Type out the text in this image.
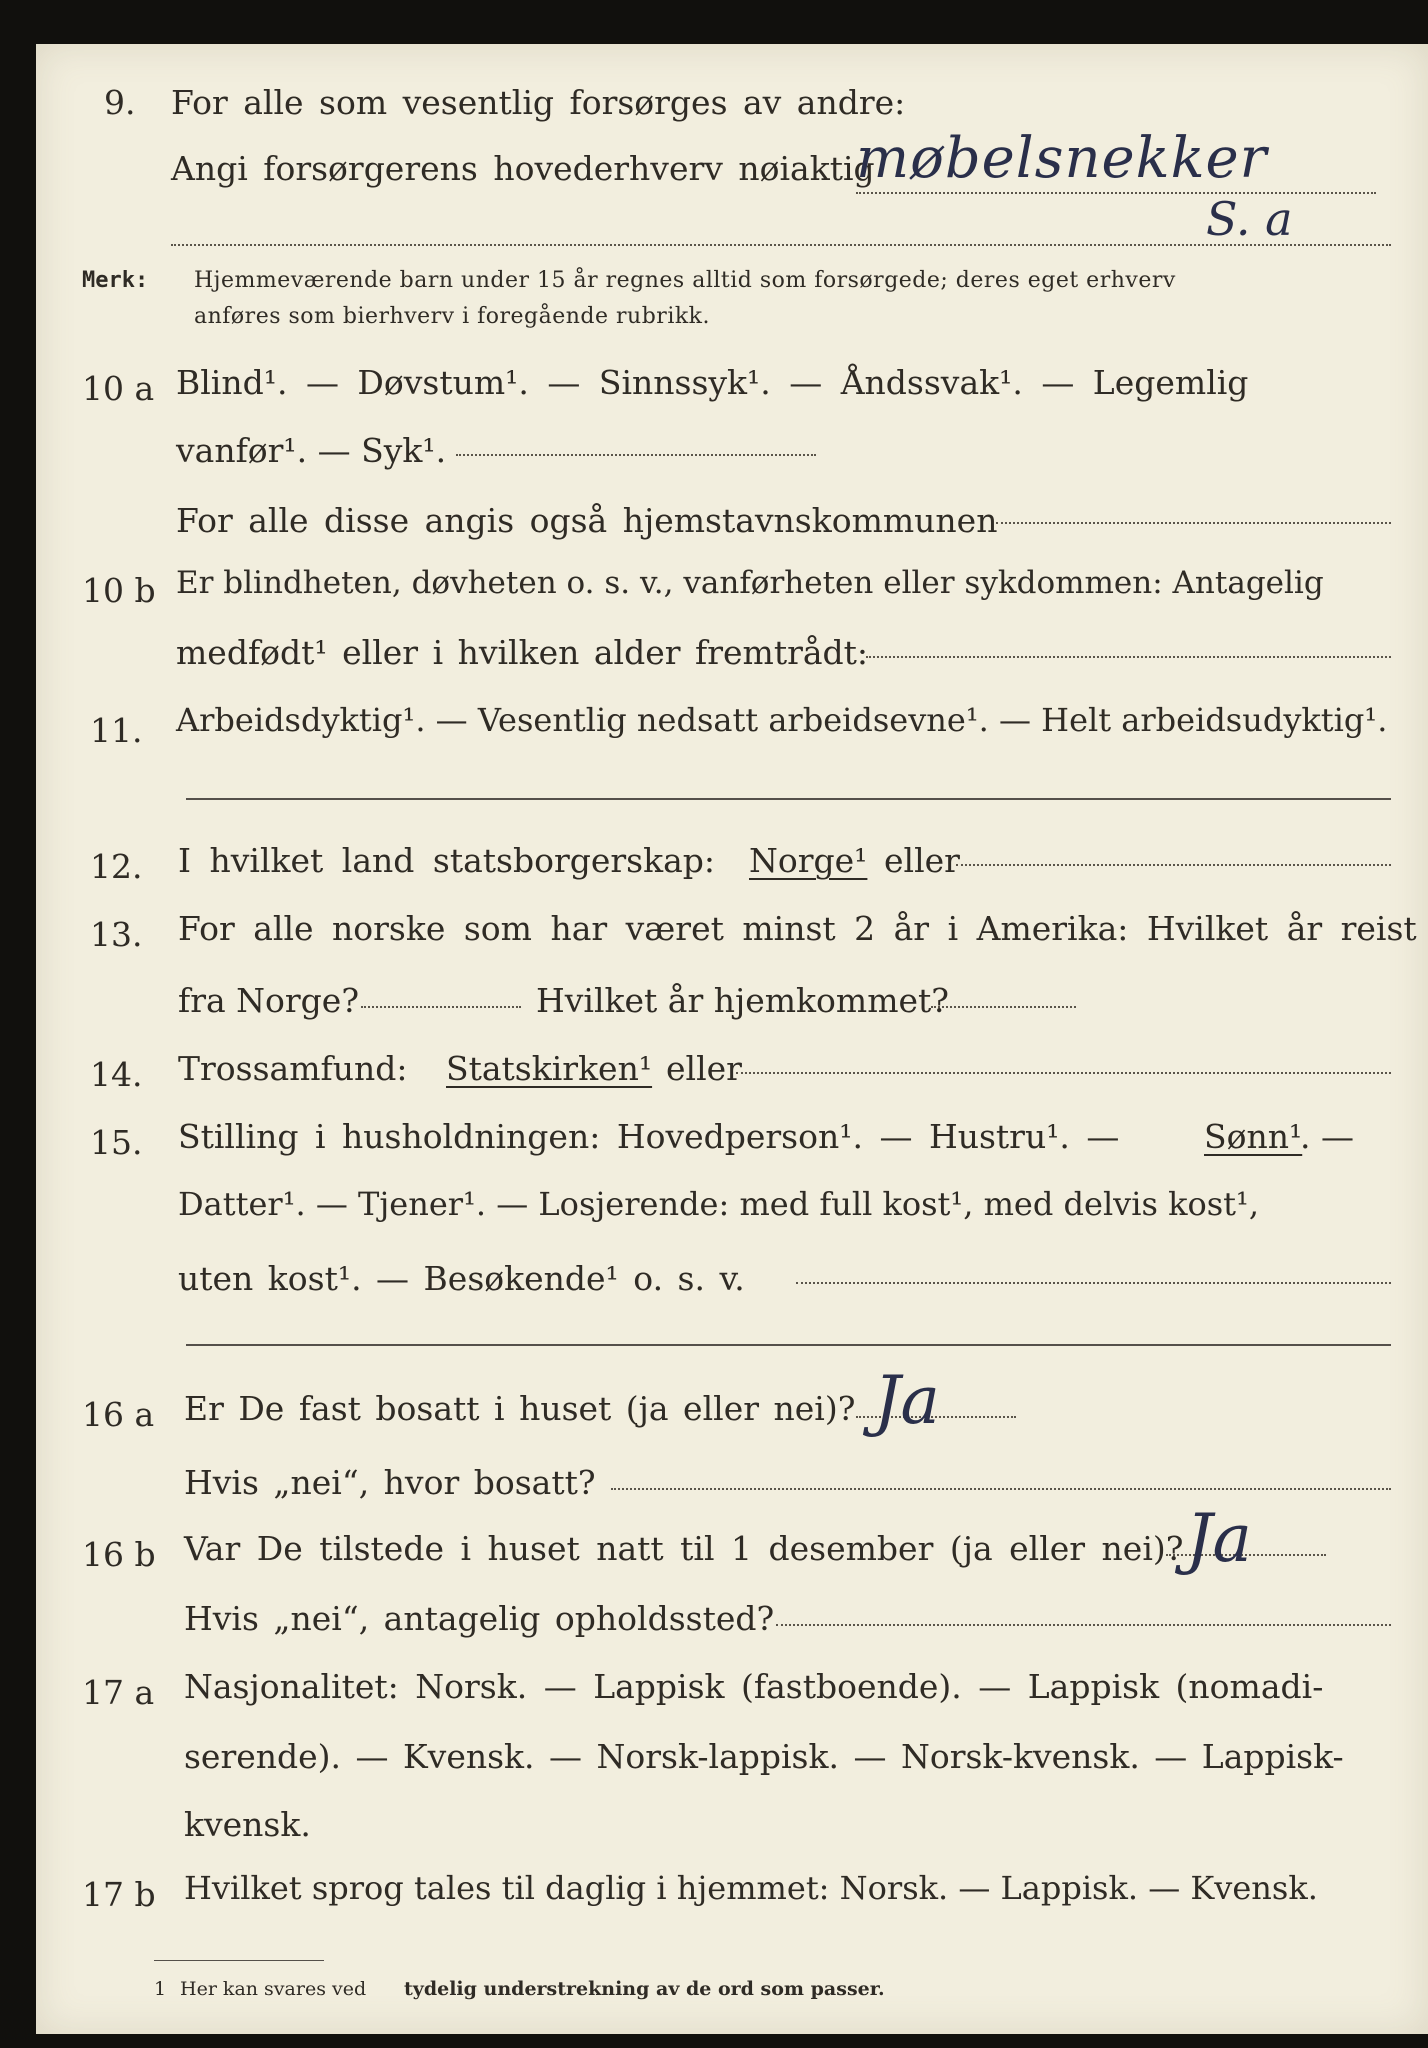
9. For alle som vesentlig forsørges av andre:
Angi forsørgerens hovederhverv nøiaktig
møbelsnekker
S. a
Merk: Hjemmeværende barn under 15 år regnes alltid som forsørgede; deres eget erhverv
anføres som bierhverv i foregående rubrikk.
10 a Blind¹. — Døvstum¹. — Sinnssyk¹. — Åndssvak¹. — Legemlig
vanfør¹. — Syk¹.
For alle disse angis også hjemstavnskommunen
10 b Er blindheten, døvheten o. s. v., vanførheten eller sykdommen: Antagelig
medfødt¹ eller i hvilken alder fremtrådt:
11. Arbeidsdyktig¹. — Vesentlig nedsatt arbeidsevne¹. — Helt arbeidsudyktig¹.
12. I hvilket land statsborgerskap: Norge¹ eller
13. For alle norske som har været minst 2 år i Amerika: Hvilket år reist
fra Norge?	Hvilket år hjemkommet?
14. Trossamfund: Statskirken¹ eller
15. Stilling i husholdningen: Hovedperson¹. — Hustru¹. —	Sønn¹
. —
Datter¹. — Tjener¹. — Losjerende: med full kost¹, med delvis kost¹,
uten kost¹. — Besøkende¹ o. s. v.
16 a Er De fast bosatt i huset (ja eller nei)? Ja
Hvis „nei“, hvor bosatt?
16 b Var De tilstede i huset natt til 1 desember (ja eller nei)? Ja
Hvis „nei“, antagelig opholdssted?
17 a Nasjonalitet: Norsk. — Lappisk (fastboende). — Lappisk (nomadi-
serende). — Kvensk. — Norsk-lappisk. — Norsk-kvensk. — Lappisk-
kvensk.
17 b Hvilket sprog tales til daglig i hjemmet: Norsk. — Lappisk. — Kvensk.
1 Her kan svares ved tydelig understrekning av de ord som passer.
